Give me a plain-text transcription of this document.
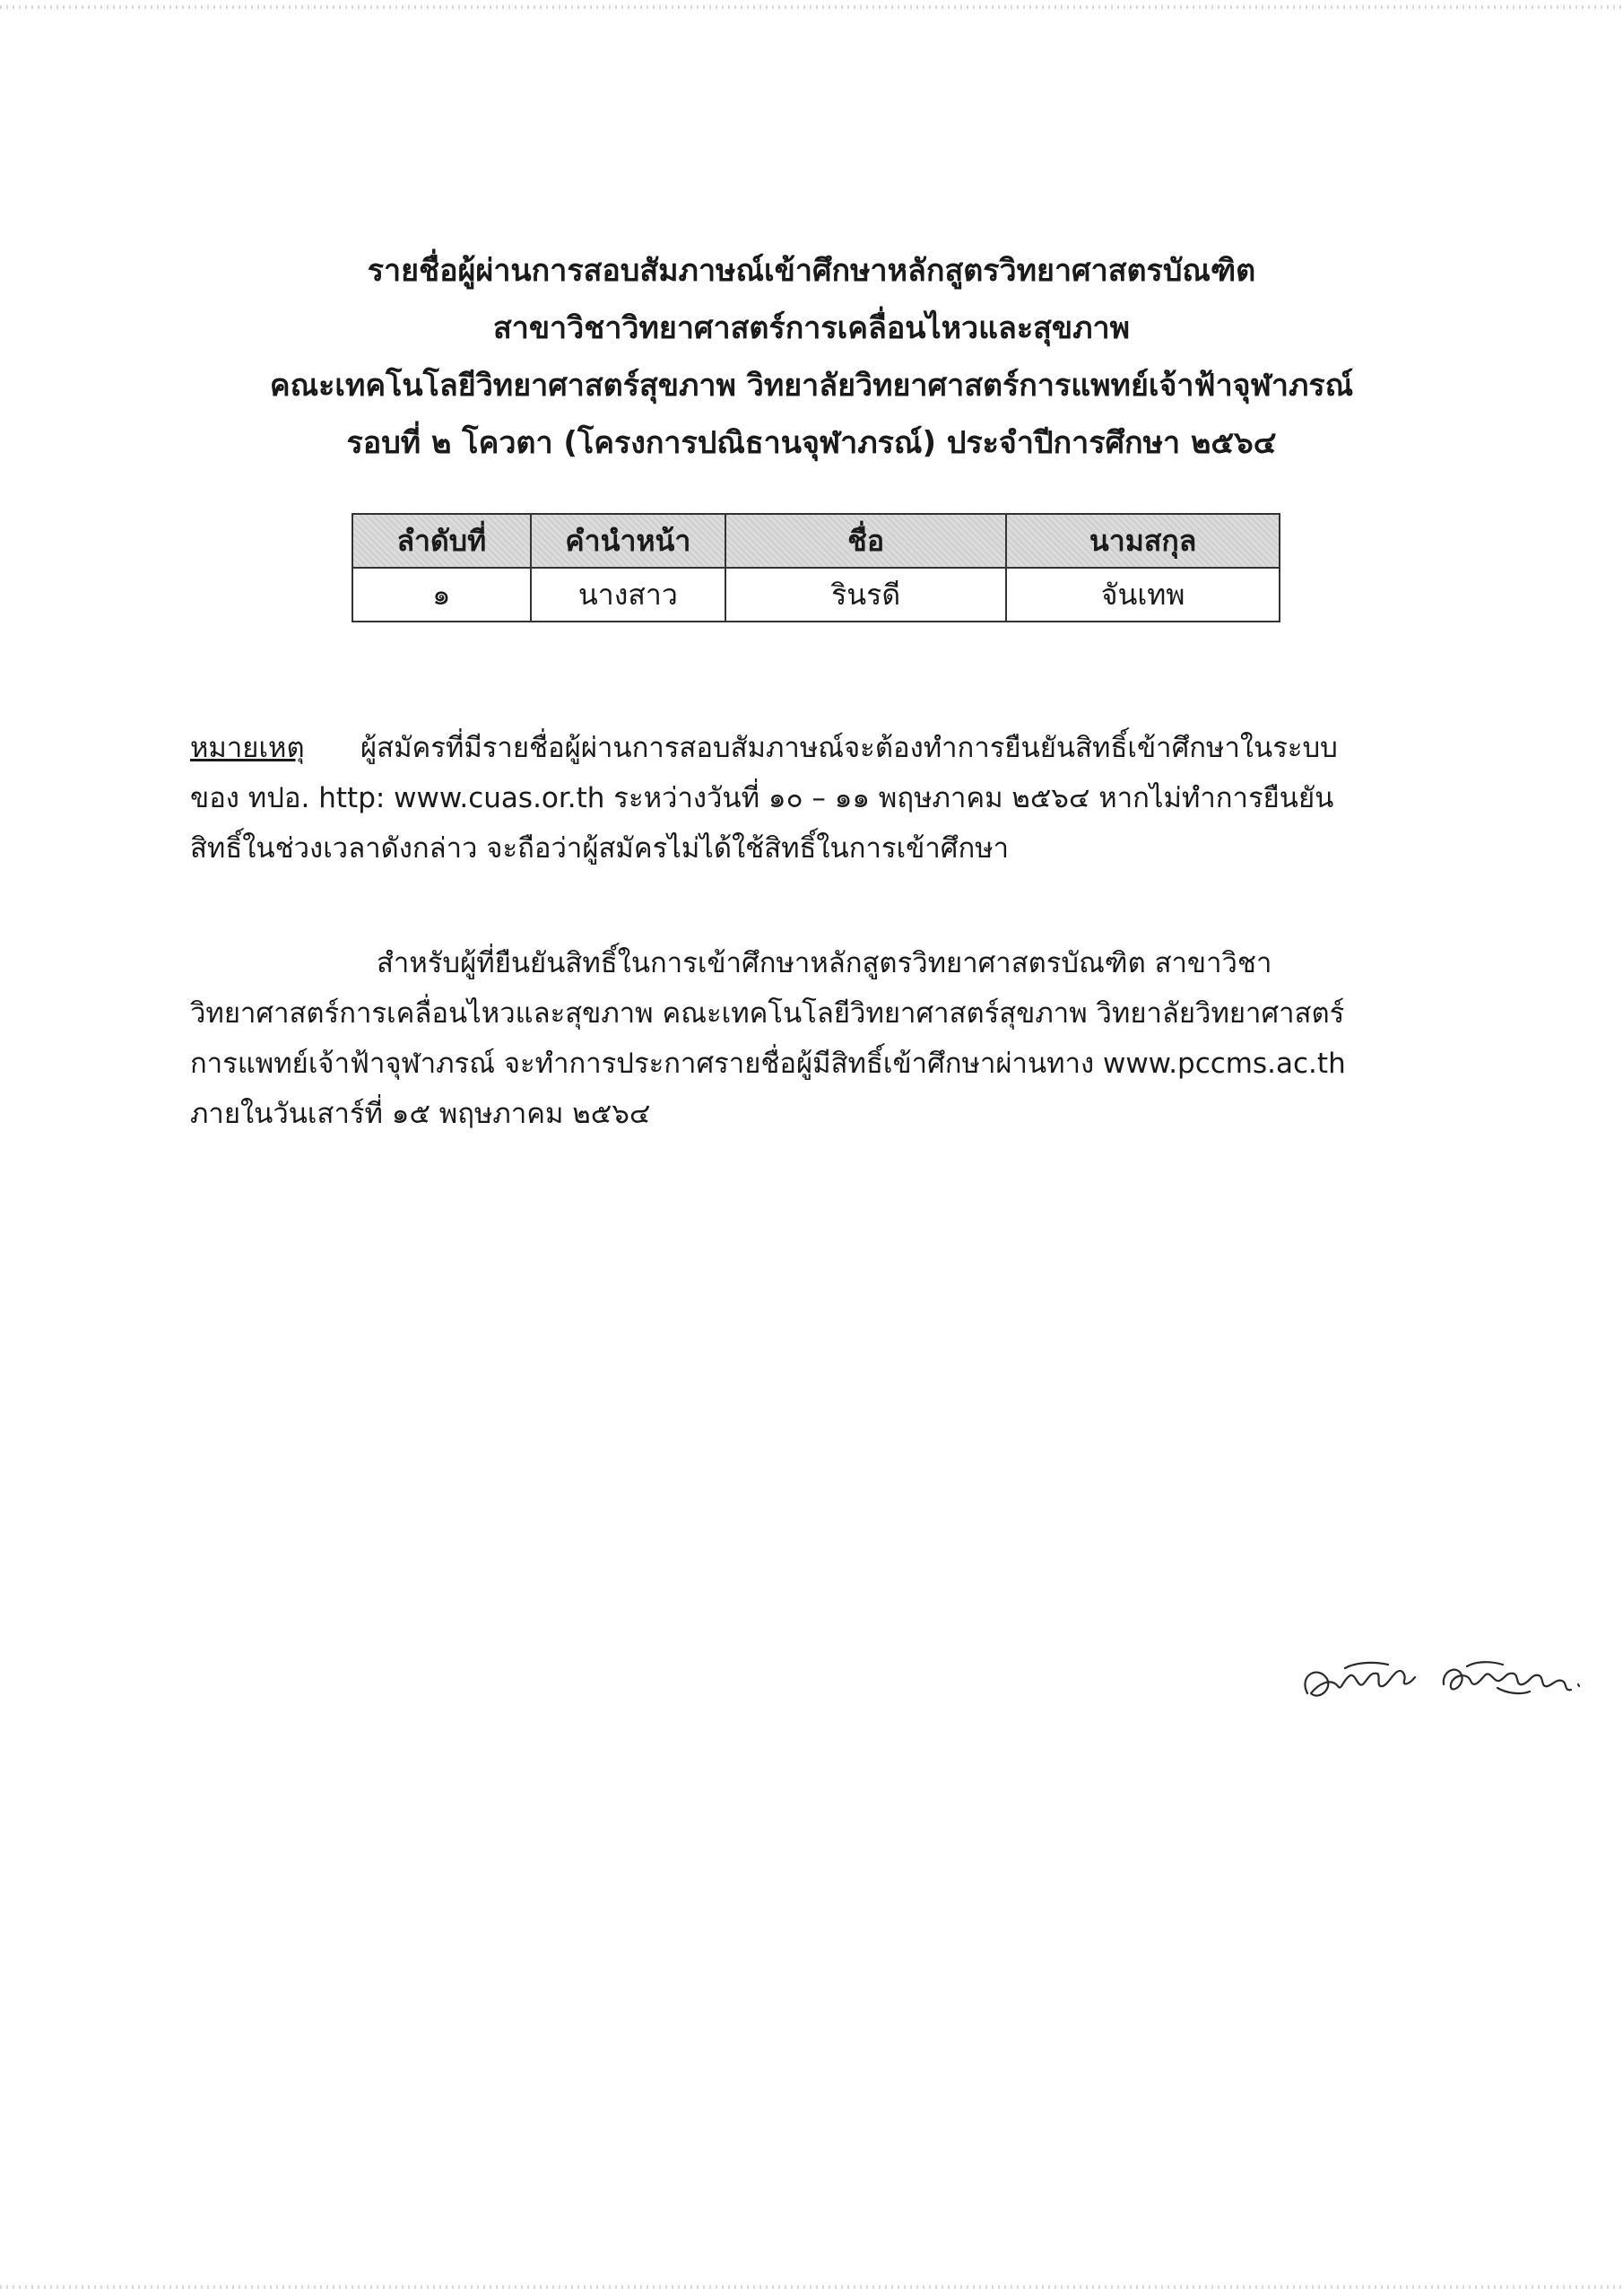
รายชื่อผู้ผ่านการสอบสัมภาษณ์เข้าศึกษาหลักสูตรวิทยาศาสตรบัณฑิต
สาขาวิชาวิทยาศาสตร์การเคลื่อนไหวและสุขภาพ
คณะเทคโนโลยีวิทยาศาสตร์สุขภาพ วิทยาลัยวิทยาศาสตร์การแพทย์เจ้าฟ้าจุฬาภรณ์
รอบที่ ๒ โควตา (โครงการปณิธานจุฬาภรณ์) ประจำปีการศึกษา ๒๕๖๔
ลำดับที่	คำนำหน้า	ชื่อ	นามสกุล
๑	นางสาว	รินรดี	จันเทพ
หมายเหตุ ผู้สมัครที่มีรายชื่อผู้ผ่านการสอบสัมภาษณ์จะต้องทำการยืนยันสิทธิ์เข้าศึกษาในระบบ
ของ ทปอ. http: www.cuas.or.th ระหว่างวันที่ ๑๐ – ๑๑ พฤษภาคม ๒๕๖๔ หากไม่ทำการยืนยัน
สิทธิ์ในช่วงเวลาดังกล่าว จะถือว่าผู้สมัครไม่ได้ใช้สิทธิ์ในการเข้าศึกษา
สำหรับผู้ที่ยืนยันสิทธิ์ในการเข้าศึกษาหลักสูตรวิทยาศาสตรบัณฑิต สาขาวิชา
วิทยาศาสตร์การเคลื่อนไหวและสุขภาพ คณะเทคโนโลยีวิทยาศาสตร์สุขภาพ วิทยาลัยวิทยาศาสตร์
การแพทย์เจ้าฟ้าจุฬาภรณ์ จะทำการประกาศรายชื่อผู้มีสิทธิ์เข้าศึกษาผ่านทาง www.pccms.ac.th
ภายในวันเสาร์ที่ ๑๕ พฤษภาคม ๒๕๖๔
